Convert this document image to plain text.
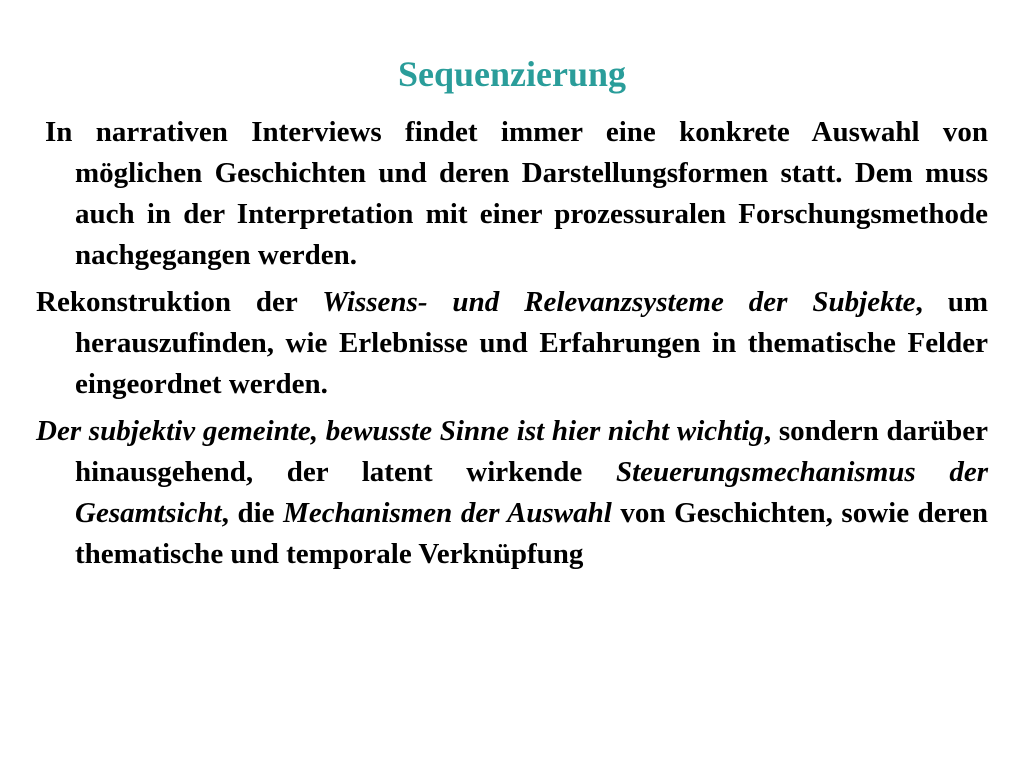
Sequenzierung

In narrativen Interviews findet immer eine konkrete Auswahl von möglichen Geschichten und deren Darstellungsformen statt. Dem muss auch in der Interpretation mit einer prozessuralen Forschungsmethode nachgegangen werden.

Rekonstruktion der Wissens- und Relevanzsysteme der Subjekte, um herauszufinden, wie Erlebnisse und Erfahrungen in thematische Felder eingeordnet werden.

Der subjektiv gemeinte, bewusste Sinne ist hier nicht wichtig, sondern darüber hinausgehend, der latent wirkende Steuerungsmechanismus der Gesamtsicht, die Mechanismen der Auswahl von Geschichten, sowie deren thematische und temporale Verknüpfung
